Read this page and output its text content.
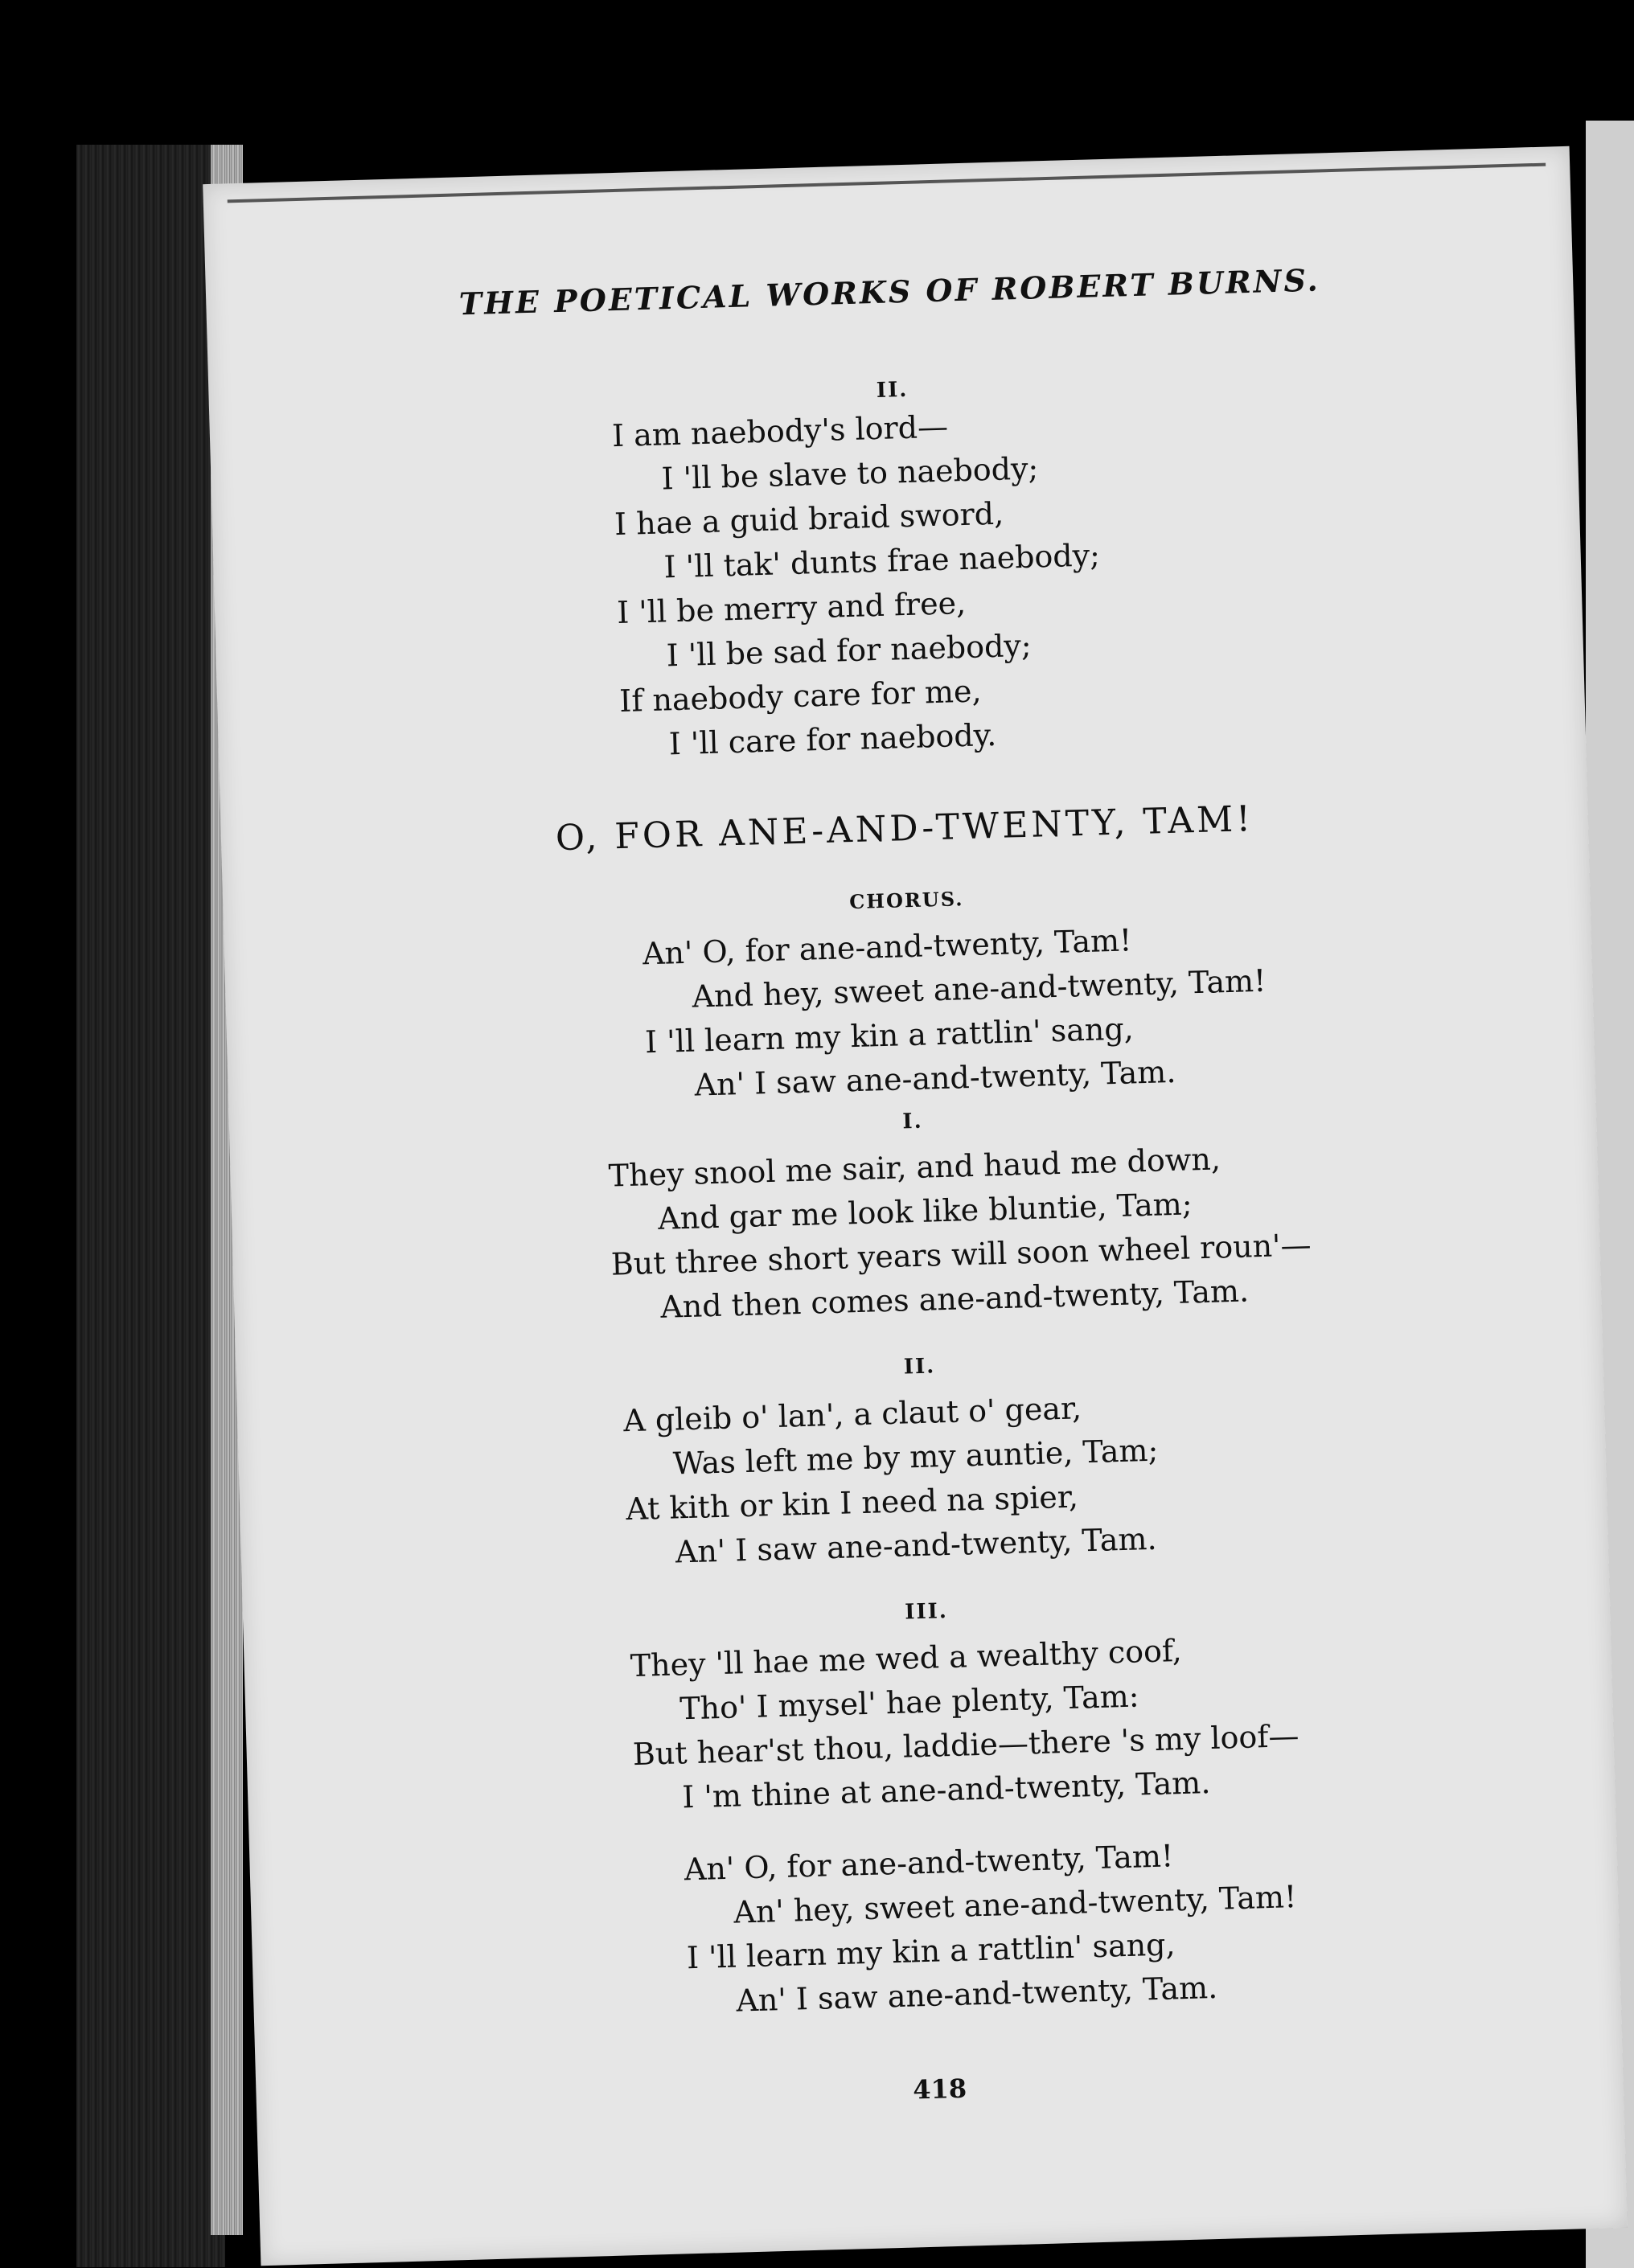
THE POETICAL WORKS OF ROBERT BURNS.
II.
I am naebody's lord—
I 'll be slave to naebody;
I hae a guid braid sword,
I 'll tak' dunts frae naebody;
I 'll be merry and free,
I 'll be sad for naebody;
If naebody care for me,
I 'll care for naebody.
O, FOR ANE-AND-TWENTY, TAM!
CHORUS.
An' O, for ane-and-twenty, Tam!
And hey, sweet ane-and-twenty, Tam!
I 'll learn my kin a rattlin' sang,
An' I saw ane-and-twenty, Tam.
I.
They snool me sair, and haud me down,
And gar me look like bluntie, Tam;
But three short years will soon wheel roun'—
And then comes ane-and-twenty, Tam.
II.
A gleib o' lan', a claut o' gear,
Was left me by my auntie, Tam;
At kith or kin I need na spier,
An' I saw ane-and-twenty, Tam.
III.
They 'll hae me wed a wealthy coof,
Tho' I mysel' hae plenty, Tam:
But hear'st thou, laddie—there 's my loof—
I 'm thine at ane-and-twenty, Tam.
An' O, for ane-and-twenty, Tam!
An' hey, sweet ane-and-twenty, Tam!
I 'll learn my kin a rattlin' sang,
An' I saw ane-and-twenty, Tam.
418
